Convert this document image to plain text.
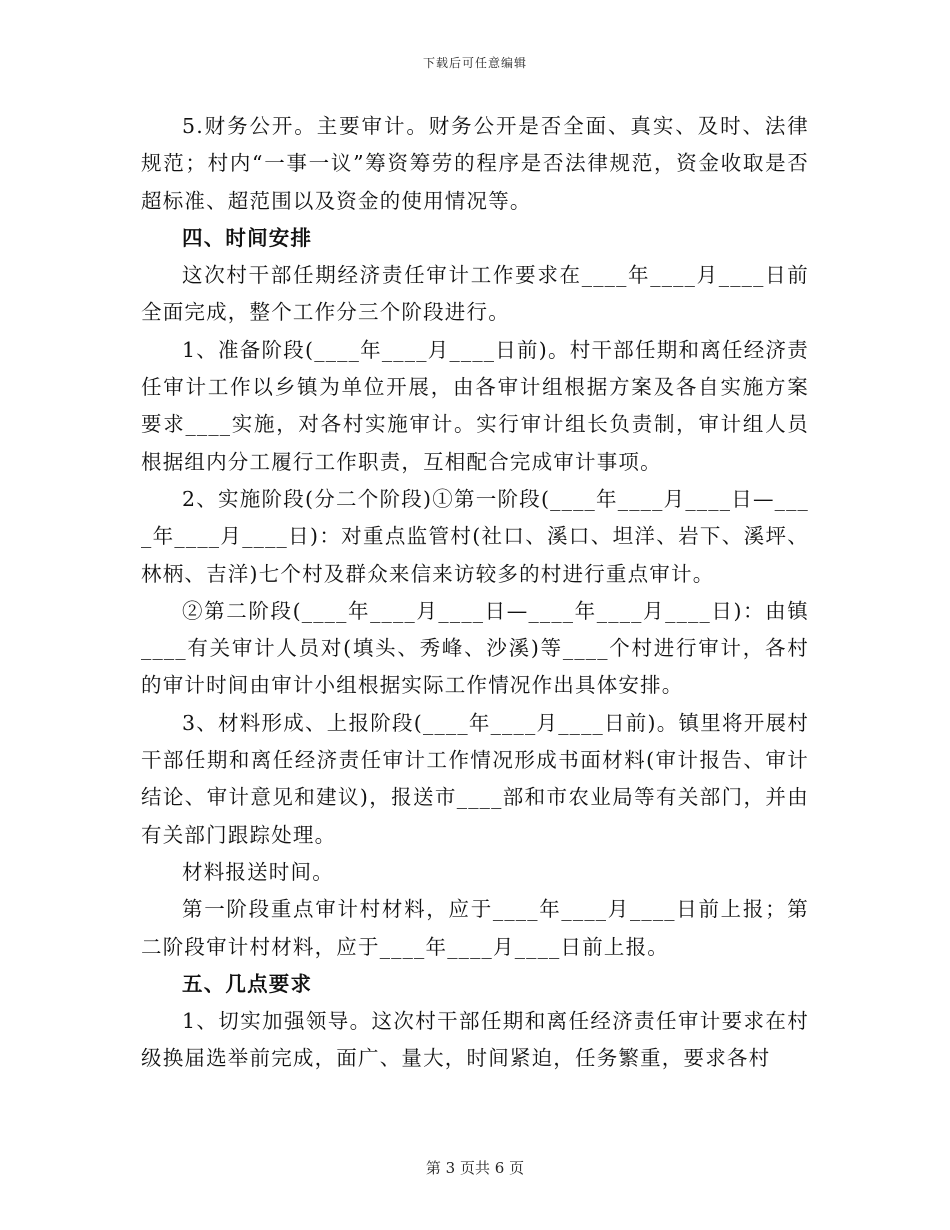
下载后可任意编辑

5.财务公开。主要审计。财务公开是否全面、真实、及时、法律规范；村内“一事一议”筹资筹劳的程序是否法律规范，资金收取是否超标准、超范围以及资金的使用情况等。

四、时间安排

这次村干部任期经济责任审计工作要求在____年____月____日前全面完成，整个工作分三个阶段进行。

1、准备阶段(____年____月____日前)。村干部任期和离任经济责任审计工作以乡镇为单位开展，由各审计组根据方案及各自实施方案要求____实施，对各村实施审计。实行审计组长负责制，审计组人员根据组内分工履行工作职责，互相配合完成审计事项。

2、实施阶段(分二个阶段)①第一阶段(____年____月____日—____年____月____日)：对重点监管村(社口、溪口、坦洋、岩下、溪坪、林柄、吉洋)七个村及群众来信来访较多的村进行重点审计。

②第二阶段(____年____月____日—____年____月____日)：由镇____有关审计人员对(填头、秀峰、沙溪)等____个村进行审计，各村的审计时间由审计小组根据实际工作情况作出具体安排。

3、材料形成、上报阶段(____年____月____日前)。镇里将开展村干部任期和离任经济责任审计工作情况形成书面材料(审计报告、审计结论、审计意见和建议)，报送市____部和市农业局等有关部门，并由有关部门跟踪处理。

材料报送时间。

第一阶段重点审计村材料，应于____年____月____日前上报；第二阶段审计村材料，应于____年____月____日前上报。

五、几点要求

1、切实加强领导。这次村干部任期和离任经济责任审计要求在村级换届选举前完成，面广、量大，时间紧迫，任务繁重，要求各村

第 3 页共 6 页
